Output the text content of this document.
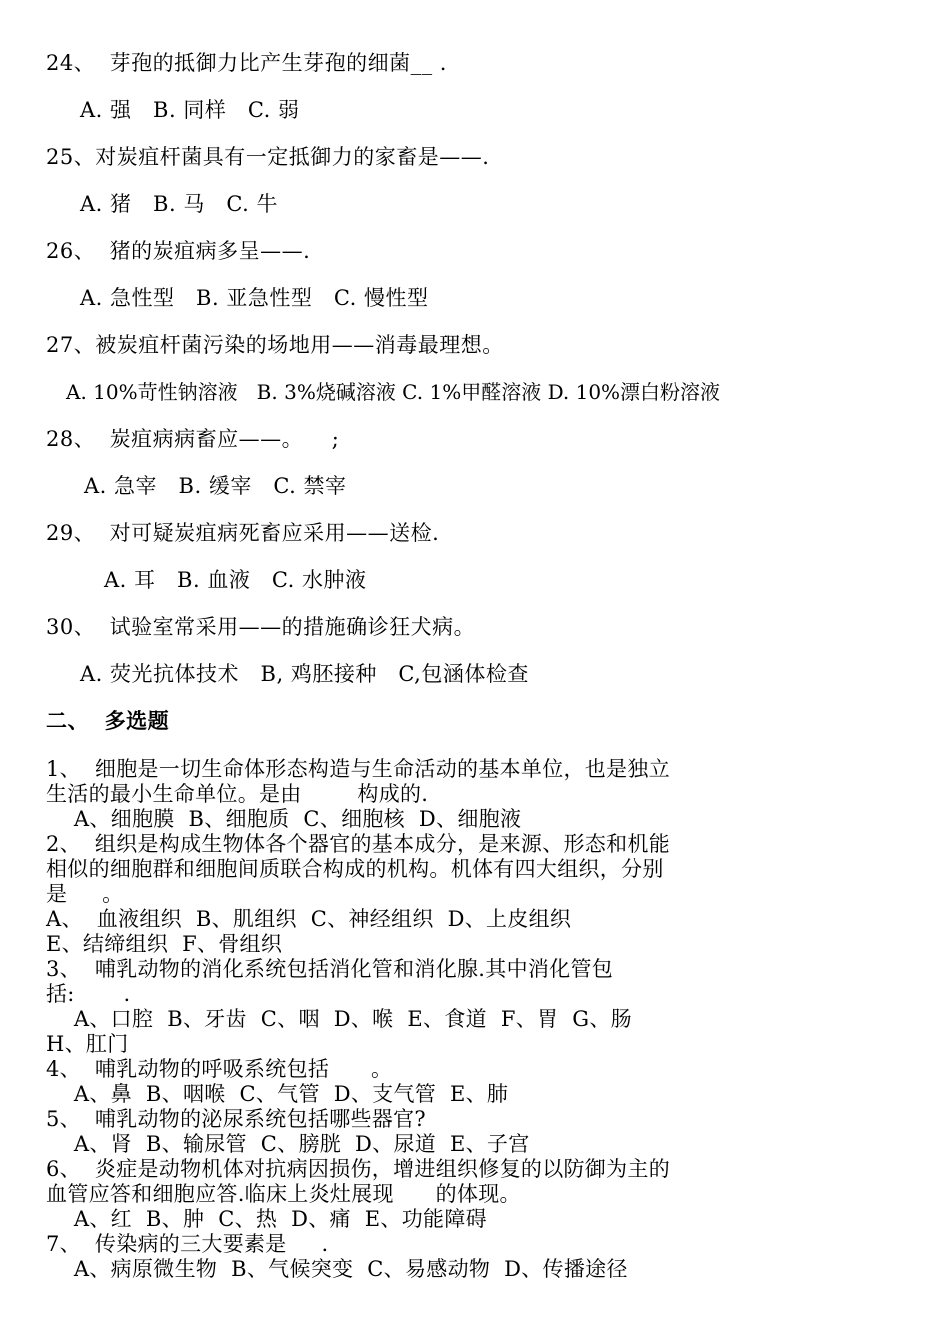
24、  芽孢的抵御力比产生芽孢的细菌__ .
A. 强   B. 同样   C. 弱
25、对炭疽杆菌具有一定抵御力的家畜是——.
A. 猪   B. 马   C. 牛
26、  猪的炭疽病多呈——.
A. 急性型   B. 亚急性型   C. 慢性型
27、被炭疽杆菌污染的场地用——消毒最理想。
A. 10%苛性钠溶液   B. 3%烧碱溶液 C. 1%甲醛溶液 D. 10%漂白粉溶液
28、  炭疽病病畜应——。    ;
A. 急宰   B. 缓宰   C. 禁宰
29、  对可疑炭疽病死畜应采用——送检.
A. 耳   B. 血液   C. 水肿液
30、  试验室常采用——的措施确诊狂犬病。
A. 荧光抗体技术   B, 鸡胚接种   C,包涵体检查
二、  多选题
1、  细胞是一切生命体形态构造与生命活动的基本单位，也是独立
生活的最小生命单位。是由        构成的.
A、细胞膜  B、细胞质  C、细胞核  D、细胞液
2、  组织是构成生物体各个器官的基本成分，是来源、形态和机能
相似的细胞群和细胞间质联合构成的机构。机体有四大组织，分别
是     。
A、  血液组织  B、肌组织  C、神经组织  D、上皮组织
E、结缔组织  F、骨组织
3、  哺乳动物的消化系统包括消化管和消化腺.其中消化管包
括:       .
A、口腔  B、牙齿  C、咽  D、喉  E、食道  F、胃  G、肠
H、肛门
4、  哺乳动物的呼吸系统包括      。
A、鼻  B、咽喉  C、气管  D、支气管  E、肺
5、  哺乳动物的泌尿系统包括哪些器官?
A、肾  B、输尿管  C、膀胱  D、尿道  E、子宫
6、  炎症是动物机体对抗病因损伤，增进组织修复的以防御为主的
血管应答和细胞应答.临床上炎灶展现      的体现。
A、红  B、肿  C、热  D、痛  E、功能障碍
7、  传染病的三大要素是     .
A、病原微生物  B、气候突变  C、易感动物  D、传播途径
